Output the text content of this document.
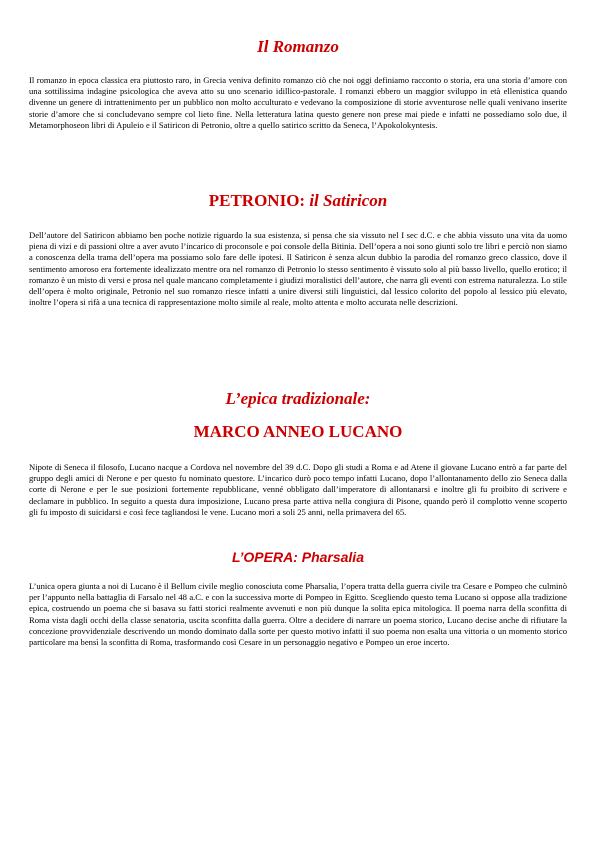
Il Romanzo

Il romanzo in epoca classica era piuttosto raro, in Grecia veniva definito romanzo ciò che noi oggi definiamo racconto o storia, era una storia d’amore con una sottilissima indagine psicologica che aveva atto su uno scenario idillico-pastorale. I romanzi ebbero un maggior sviluppo in età ellenistica quando divenne un genere di intrattenimento per un pubblico non molto acculturato e vedevano la composizione di storie avventurose nelle quali venivano inserite storie d’amore che si concludevano sempre col lieto fine. Nella letteratura latina questo genere non prese mai piede e infatti ne possediamo solo due, il Metamorphoseon libri di Apuleio e il Satiricon di Petronio, oltre a quello satirico scritto da Seneca, l’Apokolokyntesis.

PETRONIO: il Satiricon

Dell’autore del Satiricon abbiamo ben poche notizie riguardo la sua esistenza, si pensa che sia vissuto nel I sec d.C. e che abbia vissuto una vita da uomo piena di vizi e di passioni oltre a aver avuto l’incarico di proconsole e poi console della Bitinia. Dell’opera a noi sono giunti solo tre libri e perciò non siamo a conoscenza della trama dell’opera ma possiamo solo fare delle ipotesi. Il Satiricon è senza alcun dubbio la parodia del romanzo greco classico, dove il sentimento amoroso era fortemente idealizzato mentre ora nel romanzo di Petronio lo stesso sentimento è vissuto solo al più basso livello, quello erotico; il romanzo è un misto di versi e prosa nel quale mancano completamente i giudizi moralistici dell’autore, che narra gli eventi con estrema naturalezza. Lo stile dell’opera è molto originale, Petronio nel suo romanzo riesce infatti a unire diversi stili linguistici, dal lessico colorito del popolo al lessico più elevato, inoltre l’opera si rifà a una tecnica di rappresentazione molto simile al reale, molto attenta e molto accurata nelle descrizioni.

L’epica tradizionale:
MARCO ANNEO LUCANO

Nipote di Seneca il filosofo, Lucano nacque a Cordova nel novembre del 39 d.C. Dopo gli studi a Roma e ad Atene il giovane Lucano entrò a far parte del gruppo degli amici di Nerone e per questo fu nominato questore. L’incarico durò poco tempo infatti Lucano, dopo l’allontanamento dello zio Seneca dalla corte di Nerone e per le sue posizioni fortemente repubblicane, venné obbligato dall’imperatore di allontanarsi e inoltre gli fu proibito di scrivere e declamare in pubblico. In seguito a questa dura imposizione, Lucano presa parte attiva nella congiura di Pisone, quando però il complotto venne scoperto gli fu imposto di suicidarsi e così fece tagliandosi le vene. Lucano morì a soli 25 anni, nella primavera del 65.

L’OPERA: Pharsalia

L’unica opera giunta a noi di Lucano è il Bellum civile meglio conosciuta come Pharsalia, l’opera tratta della guerra civile tra Cesare e Pompeo che culminò per l’appunto nella battaglia di Farsalo nel 48 a.C. e con la successiva morte di Pompeo in Egitto. Scegliendo questo tema Lucano si oppose alla tradizione epica, costruendo un poema che si basava su fatti storici realmente avvenuti e non più dunque la solita epica mitologica. Il poema narra della sconfitta di Roma vista dagli occhi della classe senatoria, uscita sconfitta dalla guerra. Oltre a decidere di narrare un poema storico, Lucano decise anche di rifiutare la concezione provvidenziale descrivendo un mondo dominato dalla sorte per questo motivo infatti il suo poema non esalta una vittoria o un momento storico particolare ma bensì la sconfitta di Roma, trasformando così Cesare in un personaggio negativo e Pompeo un eroe incerto.
